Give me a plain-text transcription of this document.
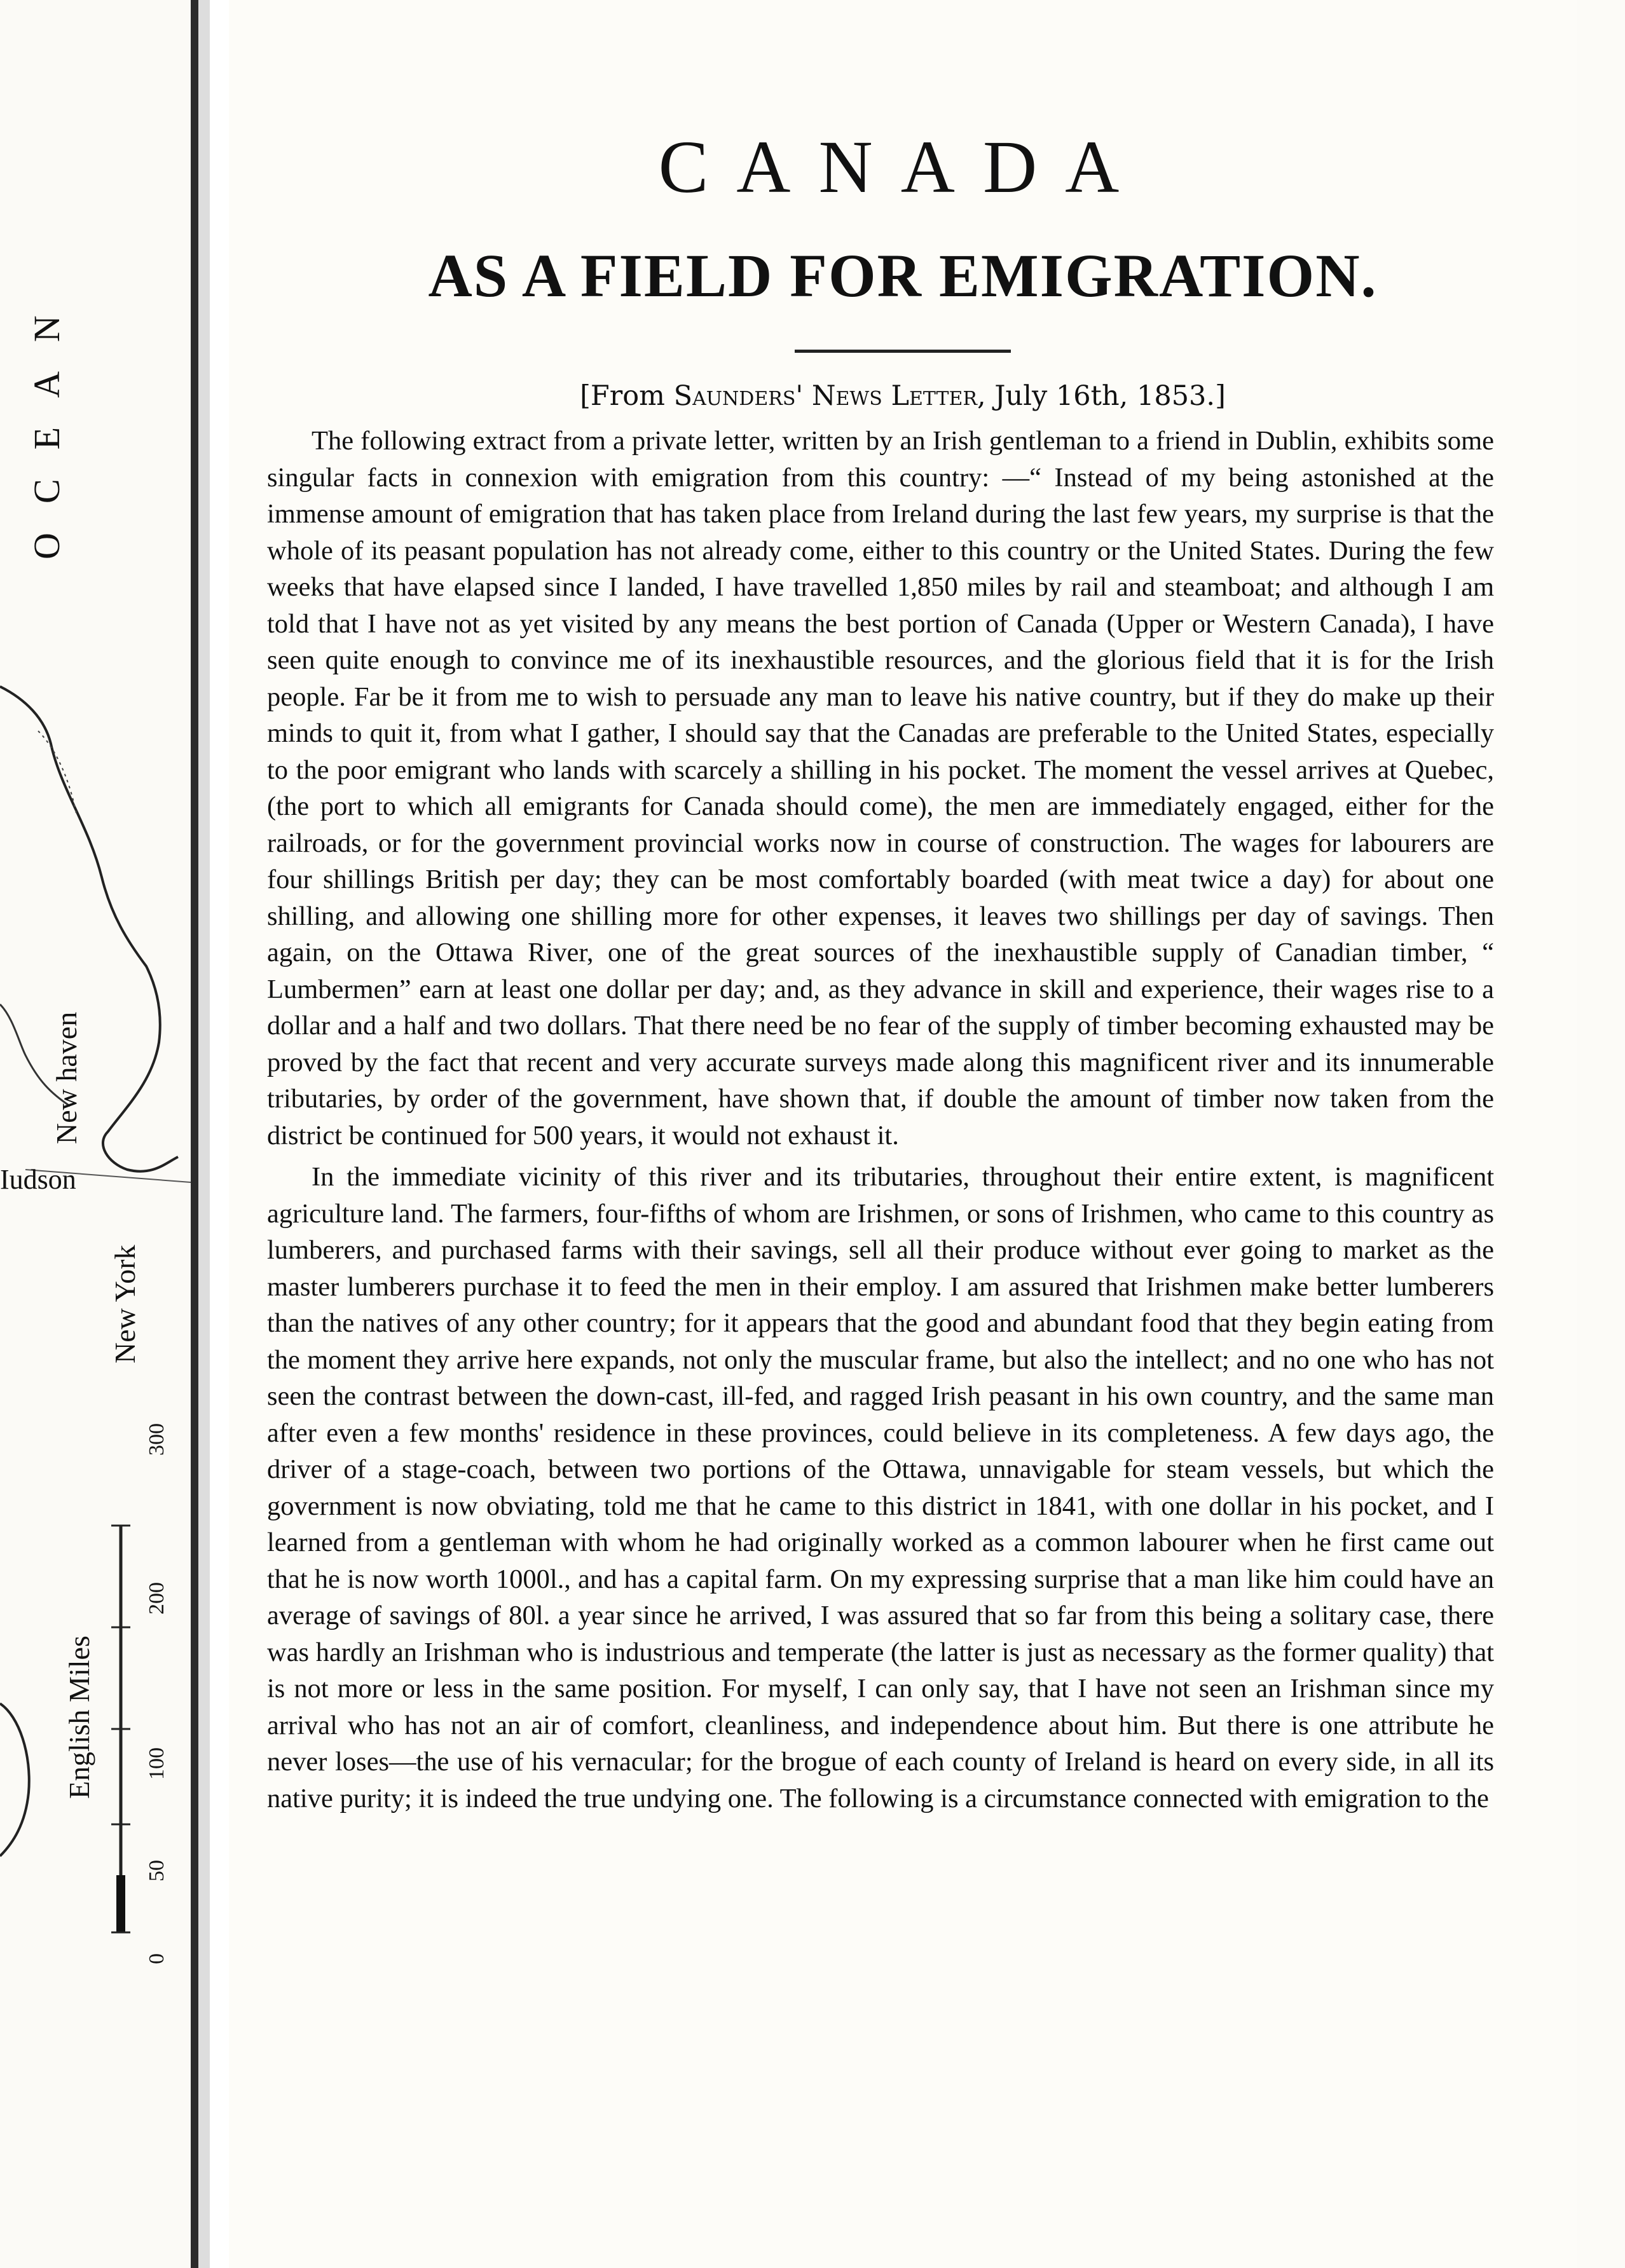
OCEAN
New haven
Iudson
New York
English Miles
0
50
100
200
300
CANADA
AS A FIELD FOR EMIGRATION.
[From Saunders' News Letter, July 16th, 1853.]

The following extract from a private letter, written by an Irish gentleman to a friend in Dublin, exhibits some singular facts in connexion with emigration from this country: —“ Instead of my being astonished at the immense amount of emigration that has taken place from Ireland during the last few years, my surprise is that the whole of its peasant population has not already come, either to this country or the United States. During the few weeks that have elapsed since I landed, I have travelled 1,850 miles by rail and steamboat; and although I am told that I have not as yet visited by any means the best portion of Canada (Upper or Western Canada), I have seen quite enough to convince me of its inexhaustible resources, and the glorious field that it is for the Irish people. Far be it from me to wish to persuade any man to leave his native country, but if they do make up their minds to quit it, from what I gather, I should say that the Canadas are preferable to the United States, especially to the poor emigrant who lands with scarcely a shilling in his pocket. The moment the vessel arrives at Quebec, (the port to which all emigrants for Canada should come), the men are immediately engaged, either for the railroads, or for the government provincial works now in course of construction. The wages for labourers are four shillings British per day; they can be most comfortably boarded (with meat twice a day) for about one shilling, and allowing one shilling more for other expenses, it leaves two shillings per day of savings. Then again, on the Ottawa River, one of the great sources of the inexhaustible supply of Canadian timber, “ Lumbermen” earn at least one dollar per day; and, as they advance in skill and experience, their wages rise to a dollar and a half and two dollars. That there need be no fear of the supply of timber becoming exhausted may be proved by the fact that recent and very accurate surveys made along this magnificent river and its innumerable tributaries, by order of the government, have shown that, if double the amount of timber now taken from the district be continued for 500 years, it would not exhaust it.

In the immediate vicinity of this river and its tributaries, throughout their entire extent, is magnificent agriculture land. The farmers, four-fifths of whom are Irishmen, or sons of Irishmen, who came to this country as lumberers, and purchased farms with their savings, sell all their produce without ever going to market as the master lumberers purchase it to feed the men in their employ. I am assured that Irishmen make better lumberers than the natives of any other country; for it appears that the good and abundant food that they begin eating from the moment they arrive here expands, not only the muscular frame, but also the intellect; and no one who has not seen the contrast between the down-cast, ill-fed, and ragged Irish peasant in his own country, and the same man after even a few months' residence in these provinces, could believe in its completeness. A few days ago, the driver of a stage-coach, between two portions of the Ottawa, unnavigable for steam vessels, but which the government is now obviating, told me that he came to this district in 1841, with one dollar in his pocket, and I learned from a gentleman with whom he had originally worked as a common labourer when he first came out that he is now worth 1000l., and has a capital farm. On my expressing surprise that a man like him could have an average of savings of 80l. a year since he arrived, I was assured that so far from this being a solitary case, there was hardly an Irishman who is industrious and temperate (the latter is just as necessary as the former quality) that is not more or less in the same position. For myself, I can only say, that I have not seen an Irishman since my arrival who has not an air of comfort, cleanliness, and independence about him. But there is one attribute he never loses—the use of his vernacular; for the brogue of each county of Ireland is heard on every side, in all its native purity; it is indeed the true undying one. The following is a circumstance connected with emigration to the
